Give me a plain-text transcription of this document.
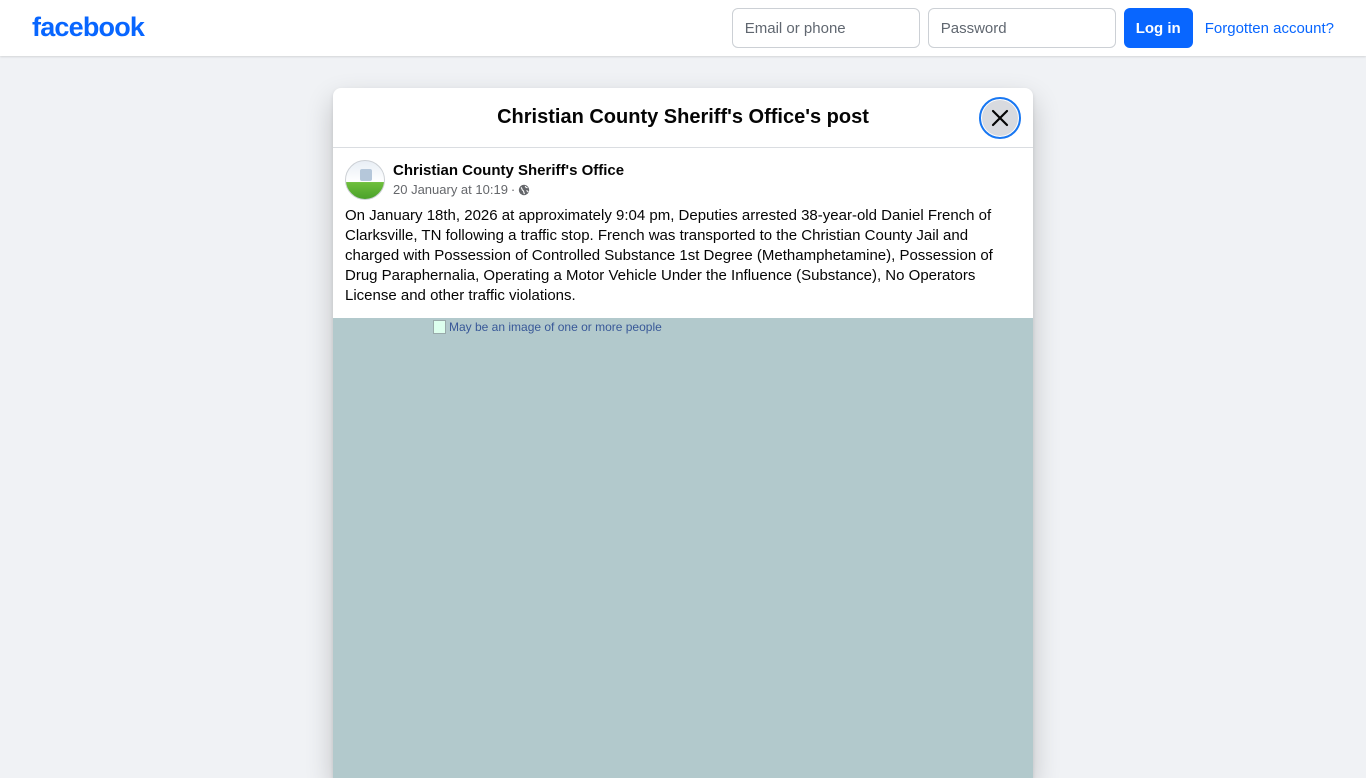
facebook
Email or phone	Log in	Forgotten account?
Christian County Sheriff's Office's post
Christian County Sheriff's Office
20 January at 10:19 ·

On January 18th, 2026 at approximately 9:04 pm, Deputies arrested 38-year-old Daniel French of Clarksville, TN following a traffic stop. French was transported to the Christian County Jail and charged with Possession of Controlled Substance 1st Degree (Methamphetamine), Possession of Drug Paraphernalia, Operating a Motor Vehicle Under the Influence (Substance), No Operators License and other traffic violations.

May be an image of one or more people
